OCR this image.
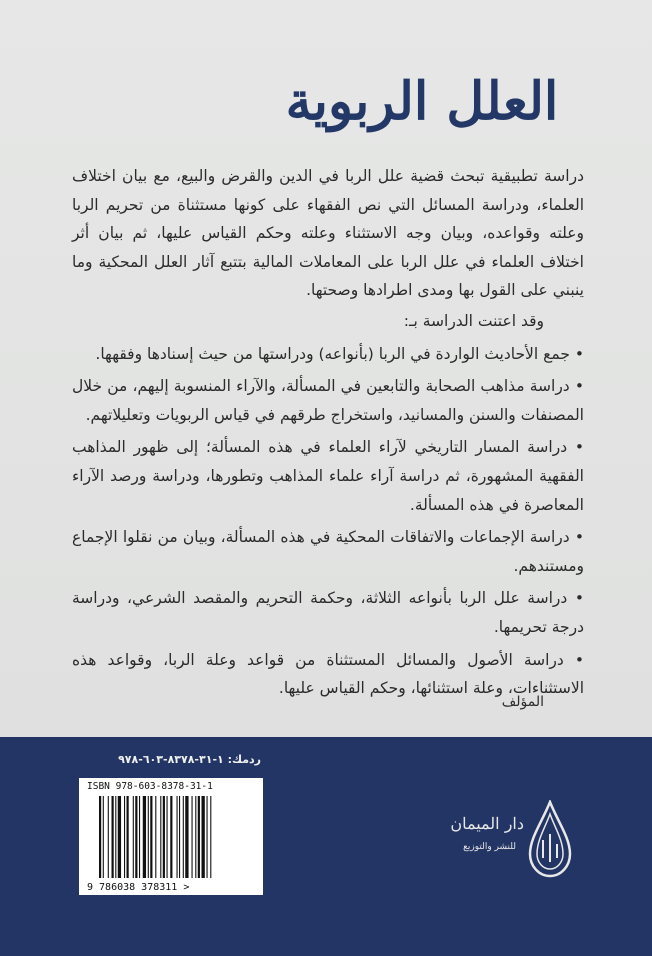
العلل الربوية

دراسة تطبيقية تبحث قضية علل الربا في الدين والقرض والبيع، مع بيان اختلاف العلماء، ودراسة المسائل التي نص الفقهاء على كونها مستثناة من تحريم الربا وعلته وقواعده، وبيان وجه الاستثناء وعلته وحكم القياس عليها، ثم بيان أثر اختلاف العلماء في علل الربا على المعاملات المالية بتتبع آثار العلل المحكية وما ينبني على القول بها ومدى اطرادها وصحتها.

وقد اعتنت الدراسة بـ:

• جمع الأحاديث الواردة في الربا (بأنواعه) ودراستها من حيث إسنادها وفقهها.

• دراسة مذاهب الصحابة والتابعين في المسألة، والآراء المنسوبة إليهم، من خلال المصنفات والسنن والمسانيد، واستخراج طرقهم في قياس الربويات وتعليلاتهم.

• دراسة المسار التاريخي لآراء العلماء في هذه المسألة؛ إلى ظهور المذاهب الفقهية المشهورة، ثم دراسة آراء علماء المذاهب وتطورها، ودراسة ورصد الآراء المعاصرة في هذه المسألة.

• دراسة الإجماعات والاتفاقات المحكية في هذه المسألة، وبيان من نقلوا الإجماع ومستندهم.

• دراسة علل الربا بأنواعه الثلاثة، وحكمة التحريم والمقصد الشرعي، ودراسة درجة تحريمها.

• دراسة الأصول والمسائل المستثناة من قواعد وعلة الربا، وقواعد هذه الاستثناءات، وعلة استثنائها، وحكم القياس عليها.

المؤلف
ردمك: ١-٣١-٨٣٧٨-٦٠٣-٩٧٨
ISBN 978-603-8378-31-1
9 786038 378311 >
دار الميمان
للنشر والتوزيع
